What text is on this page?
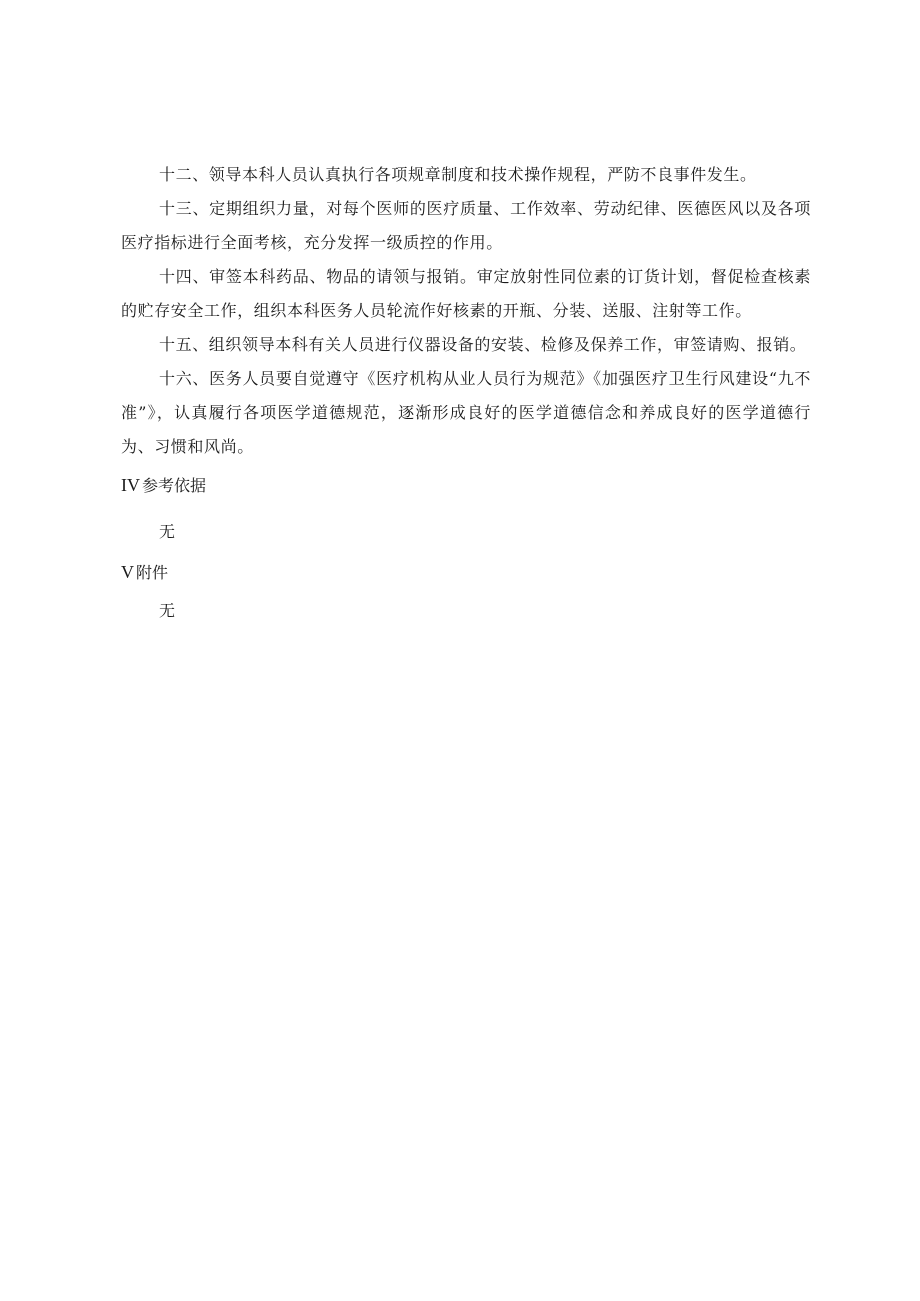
十二、领导本科人员认真执行各项规章制度和技术操作规程，严防不良事件发生。

十三、定期组织力量，对每个医师的医疗质量、工作效率、劳动纪律、医德医风以及各项医疗指标进行全面考核，充分发挥一级质控的作用。

十四、审签本科药品、物品的请领与报销。审定放射性同位素的订货计划，督促检查核素的贮存安全工作，组织本科医务人员轮流作好核素的开瓶、分装、送服、注射等工作。

十五、组织领导本科有关人员进行仪器设备的安装、检修及保养工作，审签请购、报销。

十六、医务人员要自觉遵守《医疗机构从业人员行为规范》《加强医疗卫生行风建设“九不准”》，认真履行各项医学道德规范，逐渐形成良好的医学道德信念和养成良好的医学道德行为、习惯和风尚。

IV 参考依据

无

V 附件

无
